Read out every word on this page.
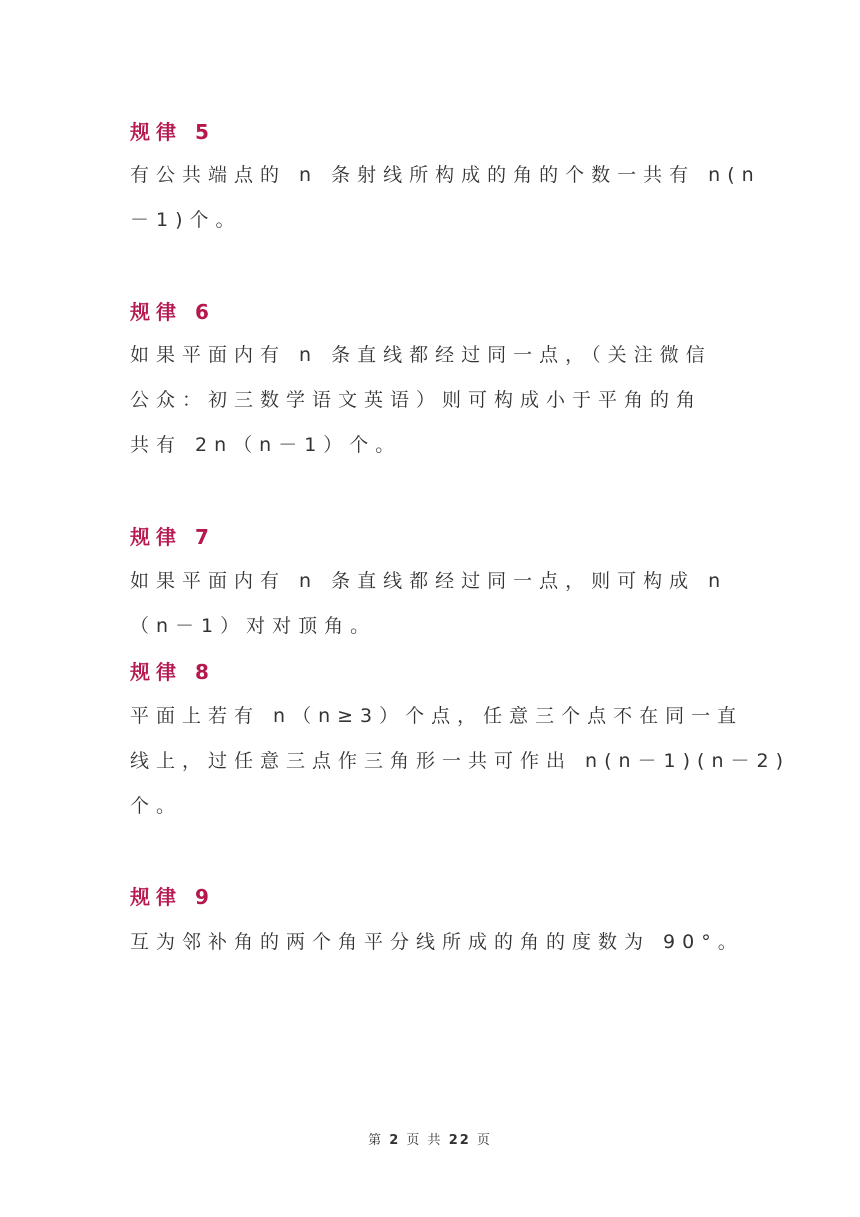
规律 5
有公共端点的 n 条射线所构成的角的个数一共有 n(n
－1)个。
规律 6
如果平面内有 n 条直线都经过同一点，（关注微信
公众：初三数学语文英语）则可构成小于平角的角
共有 2n（n－1）个。
规律 7
如果平面内有 n 条直线都经过同一点，则可构成 n
（n－1）对对顶角。
规律 8
平面上若有 n（n≥3）个点，任意三个点不在同一直
线上，过任意三点作三角形一共可作出 n(n－1)(n－2)
个。
规律 9
互为邻补角的两个角平分线所成的角的度数为 90°。
第 2 页 共 22 页
